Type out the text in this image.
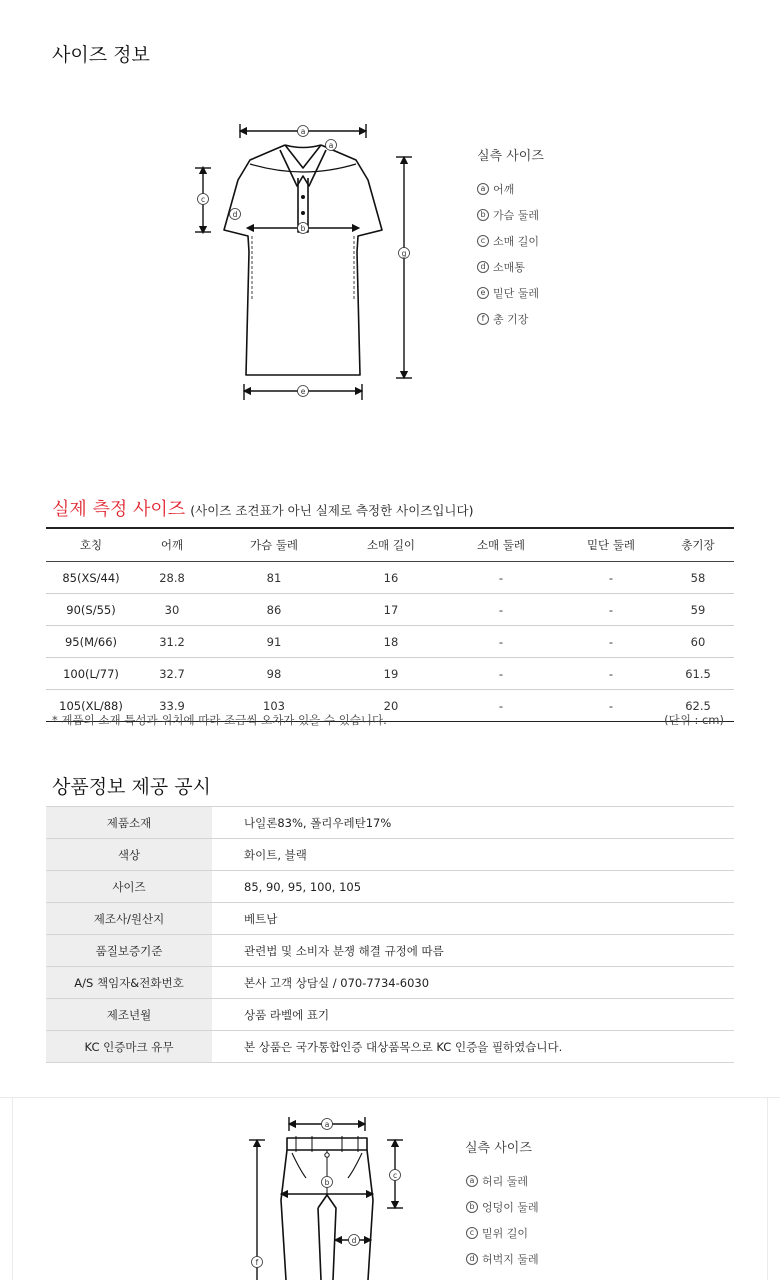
사이즈 정보
a
a
b
c
d
e
g
실측 사이즈
a 어깨
b 가슴 둘레
c 소매 길이
d 소매통
e 밑단 둘레
f 총 기장
실제 측정 사이즈 (사이즈 조견표가 아닌 실제로 측정한 사이즈입니다)
호칭	어깨	가슴 둘레	소매 길이	소매 둘레	밑단 둘레	총기장
85(XS/44)	28.8	81	16	-	-	58
90(S/55)	30	86	17	-	-	59
95(M/66)	31.2	91	18	-	-	60
100(L/77)	32.7	98	19	-	-	61.5
105(XL/88)	33.9	103	20	-	-	62.5
* 제품의 소재 특성과 위치에 따라 조금씩 오차가 있을 수 있습니다.	(단위 : cm)
상품정보 제공 공시
제품소재	나일론83%, 폴리우레탄17%
색상	화이트, 블랙
사이즈	85, 90, 95, 100, 105
제조사/원산지	베트남
품질보증기준	관련법 및 소비자 분쟁 해결 규정에 따름
A/S 책임자&전화번호	본사 고객 상담실 / 070-7734-6030
제조년월	상품 라벨에 표기
KC 인증마크 유무	본 상품은 국가통합인증 대상품목으로 KC 인증을 필하였습니다.
a
b
c
d
f
실측 사이즈
a 허리 둘레
b 엉덩이 둘레
c 밑위 길이
d 허벅지 둘레
